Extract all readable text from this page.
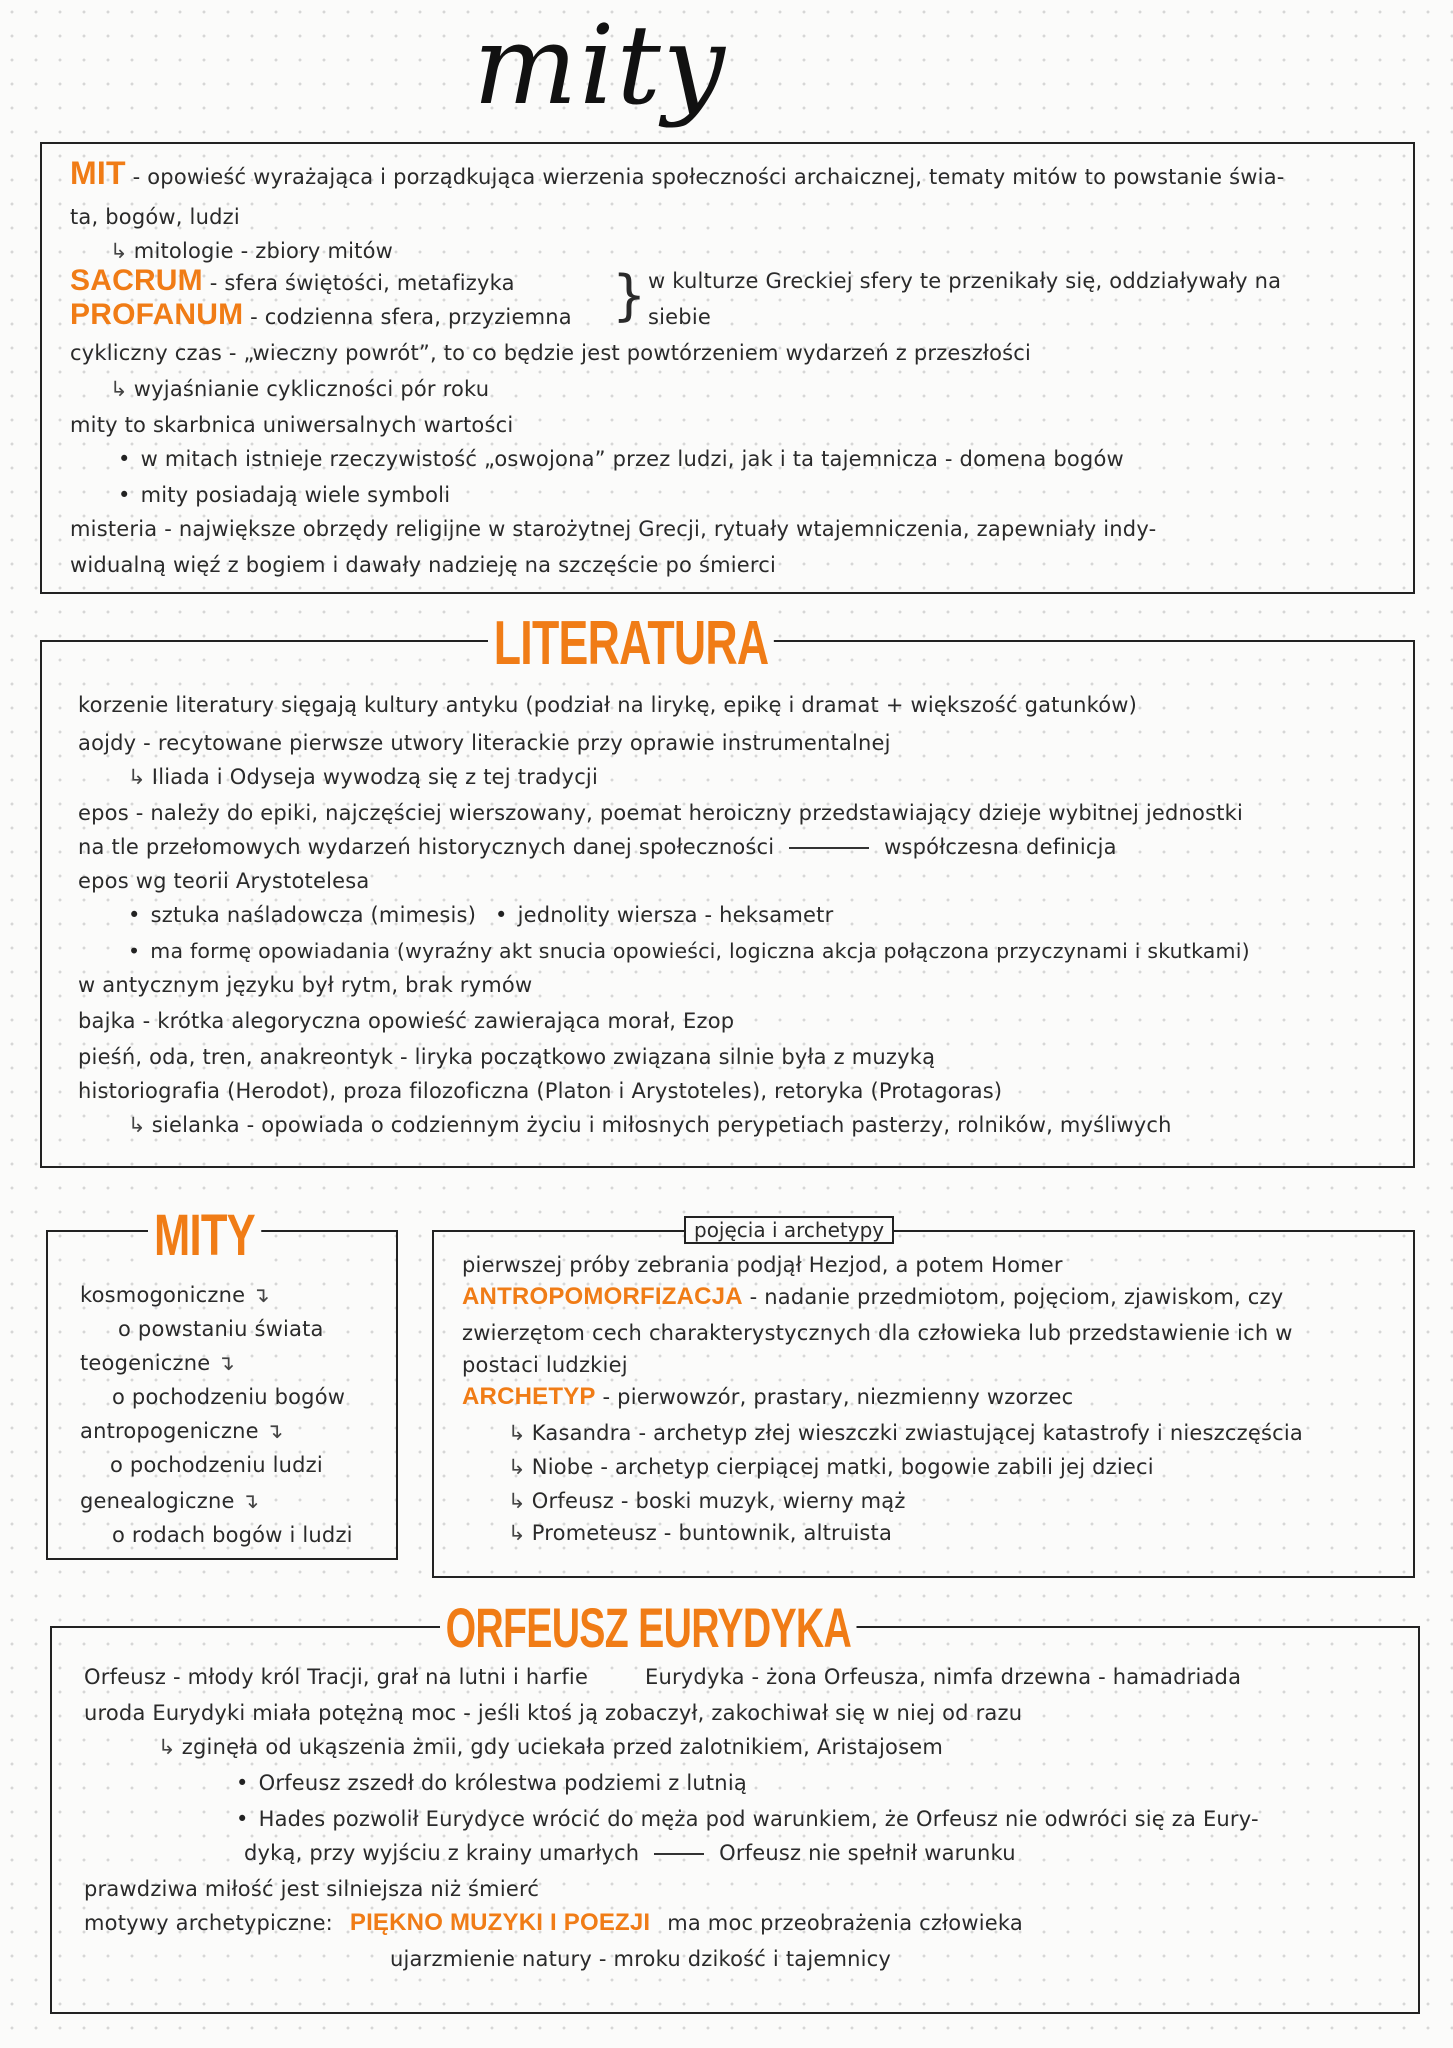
mity
MIT - opowieść wyrażająca i porządkująca wierzenia społeczności archaicznej, tematy mitów to powstanie świa-
ta, bogów, ludzi
↳ mitologie - zbiory mitów
SACRUM - sfera świętości, metafizyka
PROFANUM - codzienna sfera, przyziemna } w kulturze Greckiej sfery te przenikały się, oddziaływały na
siebie
cykliczny czas - „wieczny powrót”, to co będzie jest powtórzeniem wydarzeń z przeszłości
↳ wyjaśnianie cykliczności pór roku
mity to skarbnica uniwersalnych wartości
• w mitach istnieje rzeczywistość „oswojona” przez ludzi, jak i ta tajemnicza - domena bogów
• mity posiadają wiele symboli
misteria - największe obrzędy religijne w starożytnej Grecji, rytuały wtajemniczenia, zapewniały indy-
widualną więź z bogiem i dawały nadzieję na szczęście po śmierci
LITERATURA
korzenie literatury sięgają kultury antyku (podział na lirykę, epikę i dramat + większość gatunków)
aojdy - recytowane pierwsze utwory literackie przy oprawie instrumentalnej
↳ Iliada i Odyseja wywodzą się z tej tradycji
epos - należy do epiki, najczęściej wierszowany, poemat heroiczny przedstawiający dzieje wybitnej jednostki
na tle przełomowych wydarzeń historycznych danej społeczności	współczesna definicja
epos wg teorii Arystotelesa
• sztuka naśladowcza (mimesis) • jednolity wiersza - heksametr
• ma formę opowiadania (wyraźny akt snucia opowieści, logiczna akcja połączona przyczynami i skutkami)
w antycznym języku był rytm, brak rymów
bajka - krótka alegoryczna opowieść zawierająca morał, Ezop
pieśń, oda, tren, anakreontyk - liryka początkowo związana silnie była z muzyką
historiografia (Herodot), proza filozoficzna (Platon i Arystoteles), retoryka (Protagoras)
↳ sielanka - opowiada o codziennym życiu i miłosnych perypetiach pasterzy, rolników, myśliwych
MITY
kosmogoniczne ↴
o powstaniu świata
teogeniczne ↴
o pochodzeniu bogów
antropogeniczne ↴
o pochodzeniu ludzi
genealogiczne ↴
o rodach bogów i ludzi
pojęcia i archetypy
pierwszej próby zebrania podjął Hezjod, a potem Homer
ANTROPOMORFIZACJA - nadanie przedmiotom, pojęciom, zjawiskom, czy
zwierzętom cech charakterystycznych dla człowieka lub przedstawienie ich w
postaci ludzkiej
ARCHETYP - pierwowzór, prastary, niezmienny wzorzec
↳ Kasandra - archetyp złej wieszczki zwiastującej katastrofy i nieszczęścia
↳ Niobe - archetyp cierpiącej matki, bogowie zabili jej dzieci
↳ Orfeusz - boski muzyk, wierny mąż
↳ Prometeusz - buntownik, altruista
ORFEUSZ EURYDYKA
Orfeusz - młody król Tracji, grał na lutni i harfie	Eurydyka - żona Orfeusza, nimfa drzewna - hamadriada
uroda Eurydyki miała potężną moc - jeśli ktoś ją zobaczył, zakochiwał się w niej od razu
↳ zginęła od ukąszenia żmii, gdy uciekała przed zalotnikiem, Aristajosem
• Orfeusz zszedł do królestwa podziemi z lutnią
• Hades pozwolił Eurydyce wrócić do męża pod warunkiem, że Orfeusz nie odwróci się za Eury-
dyką, przy wyjściu z krainy umarłych	Orfeusz nie spełnił warunku
prawdziwa miłość jest silniejsza niż śmierć
motywy archetypiczne: PIĘKNO MUZYKI I POEZJI ma moc przeobrażenia człowieka
ujarzmienie natury - mroku dzikość i tajemnicy
